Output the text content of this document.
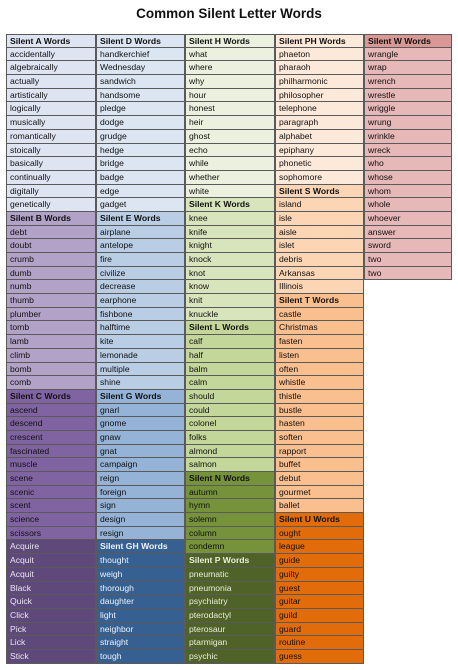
Common Silent Letter Words
Silent A Words
accidentally
algebraically
actually
artistically
logically
musically
romantically
stoically
basically
continually
digitally
genetically
Silent B Words
debt
doubt
crumb
dumb
numb
thumb
plumber
tomb
lamb
climb
bomb
comb
Silent C Words
ascend
descend
crescent
fascinated
muscle
scene
scenic
scent
science
scissors
Acquire
Acquit
Acquit
Black
Quick
Click
Pick
Lick
Stick
Silent D Words
handkerchief
Wednesday
sandwich
handsome
pledge
dodge
grudge
hedge
bridge
badge
edge
gadget
Silent E Words
airplane
antelope
fire
civilize
decrease
earphone
fishbone
halftime
kite
lemonade
multiple
shine
Silent G Words
gnarl
gnome
gnaw
gnat
campaign
reign
foreign
sign
design
resign
Silent GH Words
thought
weigh
thorough
daughter
light
neighbor
straight
tough
Silent H Words
what
where
why
hour
honest
heir
ghost
echo
while
whether
white
Silent K Words
knee
knife
knight
knock
knot
know
knit
knuckle
Silent L Words
calf
half
balm
calm
should
could
colonel
folks
almond
salmon
Silent N Words
autumn
hymn
solemn
column
condemn
Silent P Words
pneumatic
pneumonia
psychiatry
pterodactyl
pterosaur
ptarmigan
psychic
Silent PH Words
phaeton
pharaoh
philharmonic
philosopher
telephone
paragraph
alphabet
epiphany
phonetic
sophomore
Silent S Words
island
isle
aisle
islet
debris
Arkansas
Illinois
Silent T Words
castle
Christmas
fasten
listen
often
whistle
thistle
bustle
hasten
soften
rapport
buffet
debut
gourmet
ballet
Silent U Words
ought
league
guide
guilty
guest
guitar
guild
guard
routine
guess
Silent W Words
wrangle
wrap
wrench
wrestle
wriggle
wrung
wrinkle
wreck
who
whose
whom
whole
whoever
answer
sword
two
two
